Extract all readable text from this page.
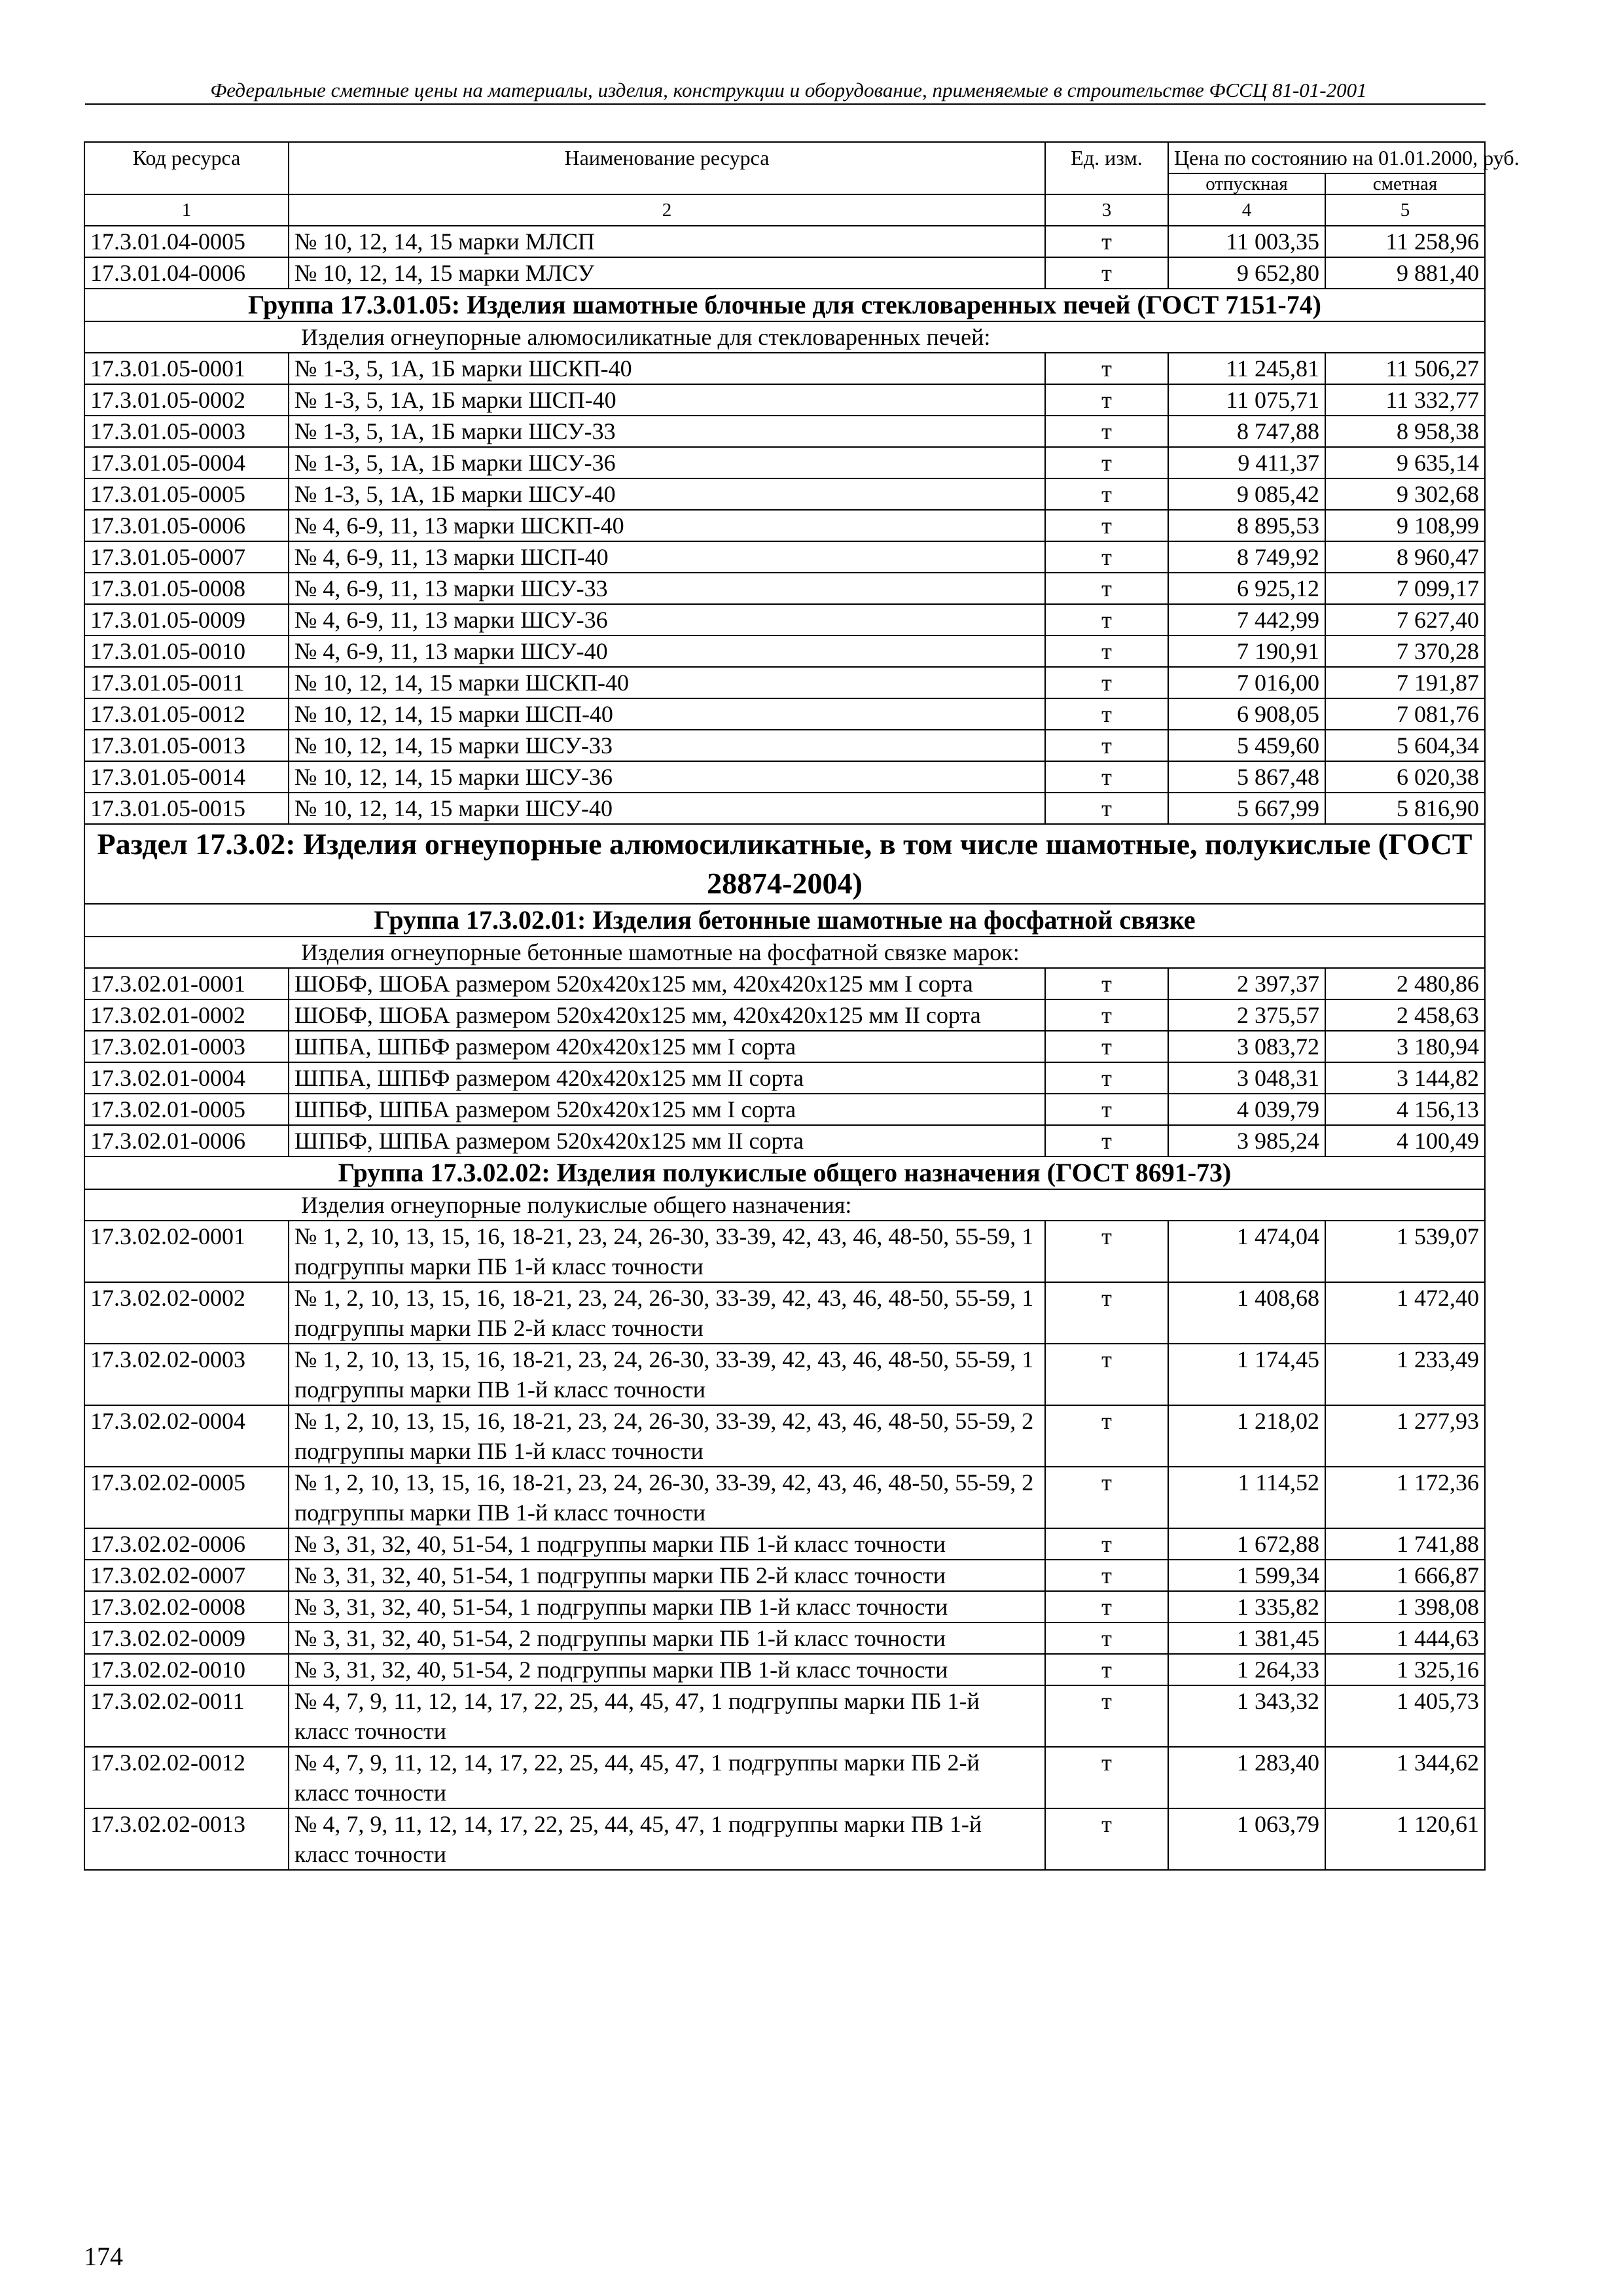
Федеральные сметные цены на материалы, изделия, конструкции и оборудование, применяемые в строительстве ФССЦ 81-01-2001
Код ресурса	Наименование ресурса	Ед. изм.	Цена по состоянию на 01.01.2000, руб.	
			отпускная	сметная
1	2	3	4	5
17.3.01.04-0005	№ 10, 12, 14, 15 марки МЛСП	т	11 003,35	11 258,96
17.3.01.04-0006	№ 10, 12, 14, 15 марки МЛСУ	т	9 652,80	9 881,40
Группа 17.3.01.05: Изделия шамотные блочные для стекловаренных печей (ГОСТ 7151-74)				
Изделия огнеупорные алюмосиликатные для стекловаренных печей:				
17.3.01.05-0001	№ 1-3, 5, 1А, 1Б марки ШСКП-40	т	11 245,81	11 506,27
17.3.01.05-0002	№ 1-3, 5, 1А, 1Б марки ШСП-40	т	11 075,71	11 332,77
17.3.01.05-0003	№ 1-3, 5, 1А, 1Б марки ШСУ-33	т	8 747,88	8 958,38
17.3.01.05-0004	№ 1-3, 5, 1А, 1Б марки ШСУ-36	т	9 411,37	9 635,14
17.3.01.05-0005	№ 1-3, 5, 1А, 1Б марки ШСУ-40	т	9 085,42	9 302,68
17.3.01.05-0006	№ 4, 6-9, 11, 13 марки ШСКП-40	т	8 895,53	9 108,99
17.3.01.05-0007	№ 4, 6-9, 11, 13 марки ШСП-40	т	8 749,92	8 960,47
17.3.01.05-0008	№ 4, 6-9, 11, 13 марки ШСУ-33	т	6 925,12	7 099,17
17.3.01.05-0009	№ 4, 6-9, 11, 13 марки ШСУ-36	т	7 442,99	7 627,40
17.3.01.05-0010	№ 4, 6-9, 11, 13 марки ШСУ-40	т	7 190,91	7 370,28
17.3.01.05-0011	№ 10, 12, 14, 15 марки ШСКП-40	т	7 016,00	7 191,87
17.3.01.05-0012	№ 10, 12, 14, 15 марки ШСП-40	т	6 908,05	7 081,76
17.3.01.05-0013	№ 10, 12, 14, 15 марки ШСУ-33	т	5 459,60	5 604,34
17.3.01.05-0014	№ 10, 12, 14, 15 марки ШСУ-36	т	5 867,48	6 020,38
17.3.01.05-0015	№ 10, 12, 14, 15 марки ШСУ-40	т	5 667,99	5 816,90
Раздел 17.3.02: Изделия огнеупорные алюмосиликатные, в том числе шамотные, полукислые (ГОСТ 28874-2004)				
Группа 17.3.02.01: Изделия бетонные шамотные на фосфатной связке				
Изделия огнеупорные бетонные шамотные на фосфатной связке марок:				
17.3.02.01-0001	ШОБФ, ШОБА размером 520х420х125 мм, 420х420х125 мм I сорта	т	2 397,37	2 480,86
17.3.02.01-0002	ШОБФ, ШОБА размером 520х420х125 мм, 420х420х125 мм II сорта	т	2 375,57	2 458,63
17.3.02.01-0003	ШПБА, ШПБФ размером 420х420х125 мм I сорта	т	3 083,72	3 180,94
17.3.02.01-0004	ШПБА, ШПБФ размером 420х420х125 мм II сорта	т	3 048,31	3 144,82
17.3.02.01-0005	ШПБФ, ШПБА размером 520х420х125 мм I сорта	т	4 039,79	4 156,13
17.3.02.01-0006	ШПБФ, ШПБА размером 520х420х125 мм II сорта	т	3 985,24	4 100,49
Группа 17.3.02.02: Изделия полукислые общего назначения (ГОСТ 8691-73)				
Изделия огнеупорные полукислые общего назначения:				
17.3.02.02-0001	№ 1, 2, 10, 13, 15, 16, 18-21, 23, 24, 26-30, 33-39, 42, 43, 46, 48-50, 55-59, 1 подгруппы марки ПБ 1-й класс точности	т	1 474,04	1 539,07
17.3.02.02-0002	№ 1, 2, 10, 13, 15, 16, 18-21, 23, 24, 26-30, 33-39, 42, 43, 46, 48-50, 55-59, 1 подгруппы марки ПБ 2-й класс точности	т	1 408,68	1 472,40
17.3.02.02-0003	№ 1, 2, 10, 13, 15, 16, 18-21, 23, 24, 26-30, 33-39, 42, 43, 46, 48-50, 55-59, 1 подгруппы марки ПВ 1-й класс точности	т	1 174,45	1 233,49
17.3.02.02-0004	№ 1, 2, 10, 13, 15, 16, 18-21, 23, 24, 26-30, 33-39, 42, 43, 46, 48-50, 55-59, 2 подгруппы марки ПБ 1-й класс точности	т	1 218,02	1 277,93
17.3.02.02-0005	№ 1, 2, 10, 13, 15, 16, 18-21, 23, 24, 26-30, 33-39, 42, 43, 46, 48-50, 55-59, 2 подгруппы марки ПВ 1-й класс точности	т	1 114,52	1 172,36
17.3.02.02-0006	№ 3, 31, 32, 40, 51-54, 1 подгруппы марки ПБ 1-й класс точности	т	1 672,88	1 741,88
17.3.02.02-0007	№ 3, 31, 32, 40, 51-54, 1 подгруппы марки ПБ 2-й класс точности	т	1 599,34	1 666,87
17.3.02.02-0008	№ 3, 31, 32, 40, 51-54, 1 подгруппы марки ПВ 1-й класс точности	т	1 335,82	1 398,08
17.3.02.02-0009	№ 3, 31, 32, 40, 51-54, 2 подгруппы марки ПБ 1-й класс точности	т	1 381,45	1 444,63
17.3.02.02-0010	№ 3, 31, 32, 40, 51-54, 2 подгруппы марки ПВ 1-й класс точности	т	1 264,33	1 325,16
17.3.02.02-0011	№ 4, 7, 9, 11, 12, 14, 17, 22, 25, 44, 45, 47, 1 подгруппы марки ПБ 1-й класс точности	т	1 343,32	1 405,73
17.3.02.02-0012	№ 4, 7, 9, 11, 12, 14, 17, 22, 25, 44, 45, 47, 1 подгруппы марки ПБ 2-й класс точности	т	1 283,40	1 344,62
17.3.02.02-0013	№ 4, 7, 9, 11, 12, 14, 17, 22, 25, 44, 45, 47, 1 подгруппы марки ПВ 1-й класс точности	т	1 063,79	1 120,61
174
